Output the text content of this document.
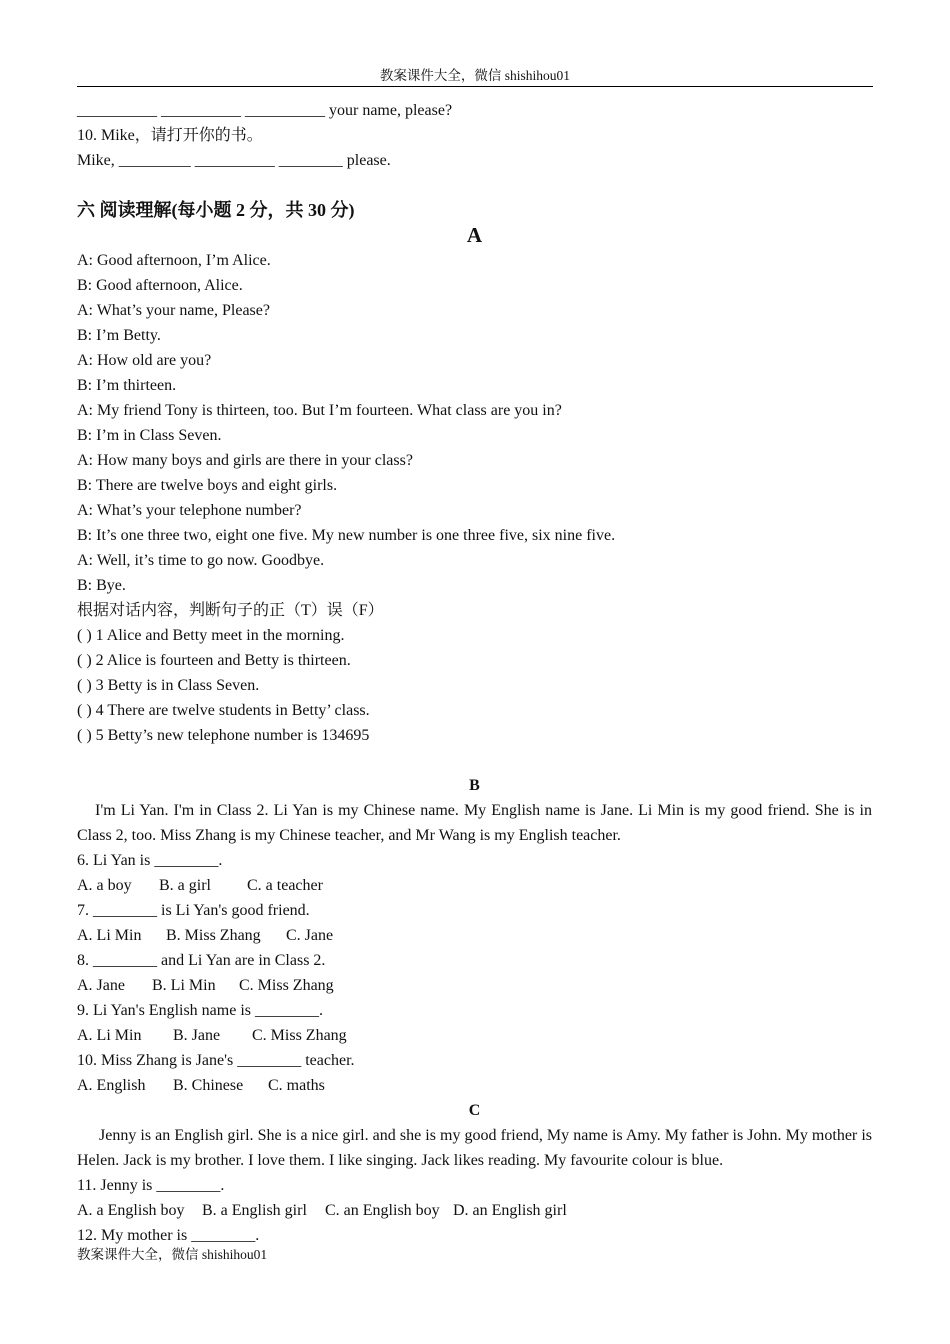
教案课件大全，微信 shishihou01
__________ __________ __________ your name, please?
10. Mike，请打开你的书。
Mike, _________ __________ ________ please.
六 阅读理解(每小题 2 分，共 30 分)
A
A: Good afternoon, I’m Alice.
B: Good afternoon, Alice.
A: What’s your name, Please?
B: I’m Betty.
A: How old are you?
B: I’m thirteen.
A: My friend Tony is thirteen, too. But I’m fourteen. What class are you in?
B: I’m in Class Seven.
A: How many boys and girls are there in your class?
B: There are twelve boys and eight girls.
A: What’s your telephone number?
B: It’s one three two, eight one five. My new number is one three five, six nine five.
A: Well, it’s time to go now. Goodbye.
B: Bye.
根据对话内容，判断句子的正（T）误（F）
( ) 1 Alice and Betty meet in the morning.
( ) 2 Alice is fourteen and Betty is thirteen.
( ) 3 Betty is in Class Seven.
( ) 4 There are twelve students in Betty’ class.
( ) 5 Betty’s new telephone number is 134695
B
I'm Li Yan. I'm in Class 2. Li Yan is my Chinese name. My English name is Jane. Li Min is my good friend. She is in Class 2, too. Miss Zhang is my Chinese teacher, and Mr Wang is my English teacher.
6. Li Yan is ________.
A. a boy B. a girl C. a teacher
7. ________ is Li Yan's good friend.
A. Li Min B. Miss Zhang C. Jane
8. ________ and Li Yan are in Class 2.
A. Jane B. Li Min C. Miss Zhang
9. Li Yan's English name is ________.
A. Li Min B. Jane C. Miss Zhang
10. Miss Zhang is Jane's ________ teacher.
A. English B. Chinese C. maths
C
Jenny is an English girl. She is a nice girl. and she is my good friend, My name is Amy. My father is John. My mother is Helen. Jack is my brother. I love them. I like singing. Jack likes reading. My favourite colour is blue.
11. Jenny is ________.
A. a English boy B. a English girl C. an English boy D. an English girl
12. My mother is ________.
教案课件大全，微信 shishihou01
